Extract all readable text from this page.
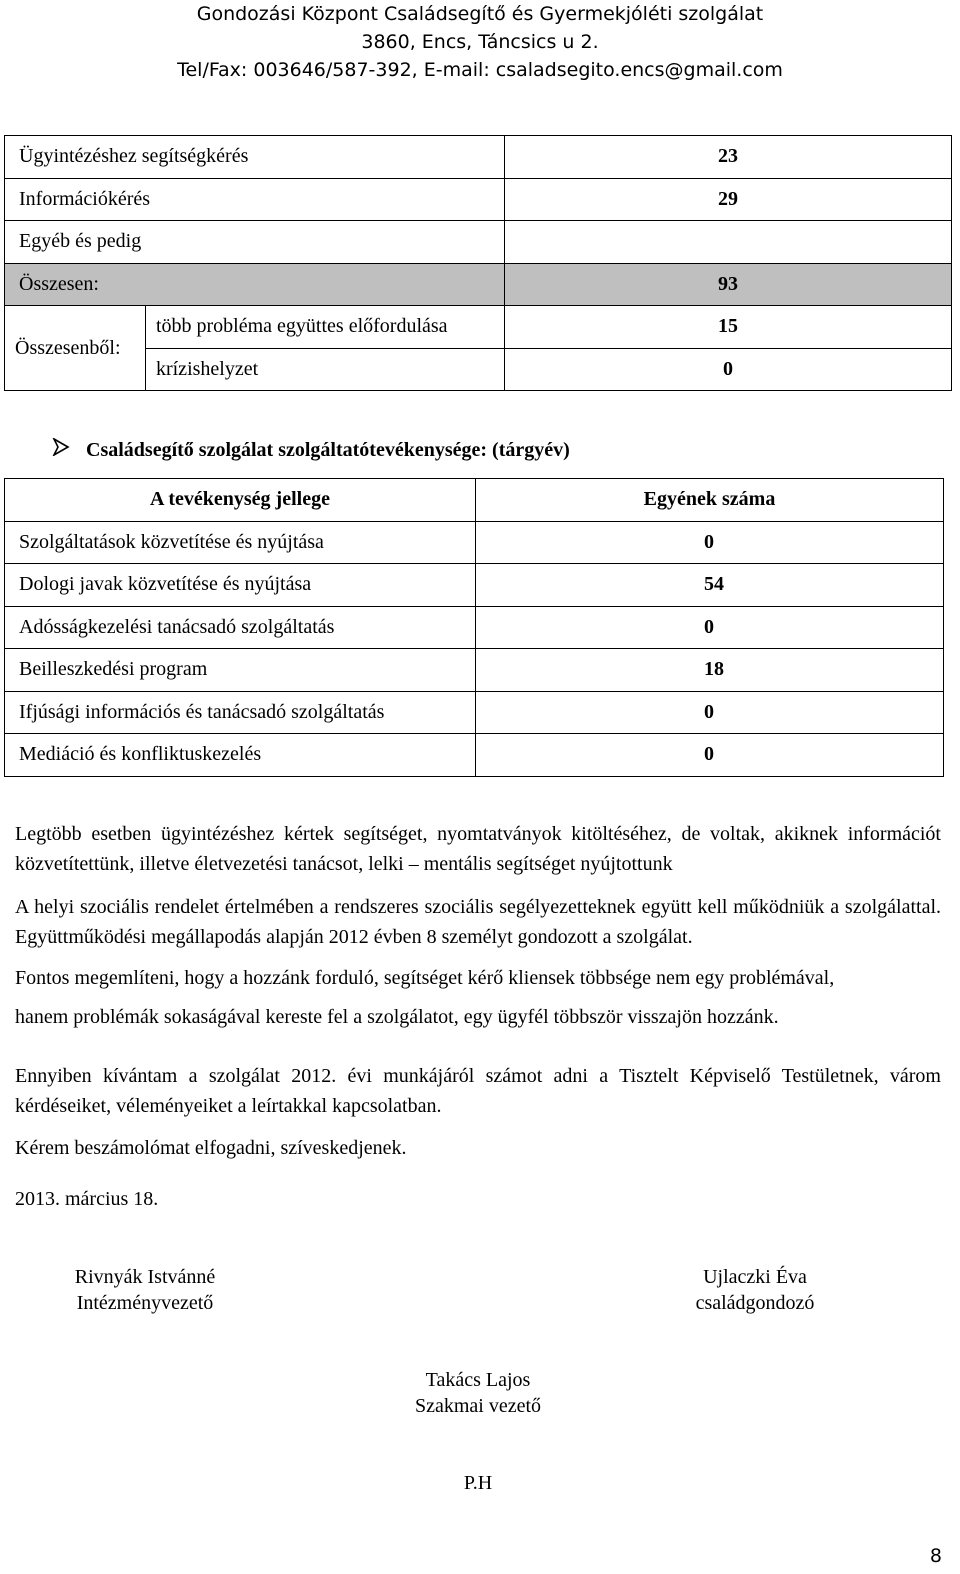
Gondozási Központ Családsegítő és Gyermekjóléti szolgálat
3860, Encs, Táncsics u 2.
Tel/Fax: 003646/587-392, E-mail: csaladsegito.encs@gmail.com
Ügyintézéshez segítségkérés		23
Információkérés		29
Egyéb és pedig		
Összesen:		93
Összesenből:	több probléma együttes előfordulása	15
	krízishelyzet	0
Családsegítő szolgálat szolgáltatótevékenysége: (tárgyév)
A tevékenység jellege	Egyének száma
Szolgáltatások közvetítése és nyújtása	0
Dologi javak közvetítése és nyújtása	54
Adósságkezelési tanácsadó szolgáltatás	0
Beilleszkedési program	18
Ifjúsági információs és tanácsadó szolgáltatás	0
Mediáció és konfliktuskezelés	0
Legtöbb esetben ügyintézéshez kértek segítséget, nyomtatványok kitöltéséhez, de voltak, akiknek információt közvetítettünk, illetve életvezetési tanácsot, lelki – mentális segítséget nyújtottunk
A helyi szociális rendelet értelmében a rendszeres szociális segélyezetteknek együtt kell működniük a szolgálattal. Együttműködési megállapodás alapján 2012 évben 8 személyt gondozott a szolgálat.
Fontos megemlíteni, hogy a hozzánk forduló, segítséget kérő kliensek többsége nem egy problémával,
hanem problémák sokaságával kereste fel a szolgálatot, egy ügyfél többször visszajön hozzánk.
Ennyiben kívántam a szolgálat 2012. évi munkájáról számot adni a Tisztelt Képviselő Testületnek, várom kérdéseiket, véleményeiket a leírtakkal kapcsolatban.
Kérem beszámolómat elfogadni, szíveskedjenek.
2013. március 18.
Rivnyák Istvánné
Intézményvezető
Ujlaczki Éva
családgondozó
Takács Lajos
Szakmai vezető
P.H
8
